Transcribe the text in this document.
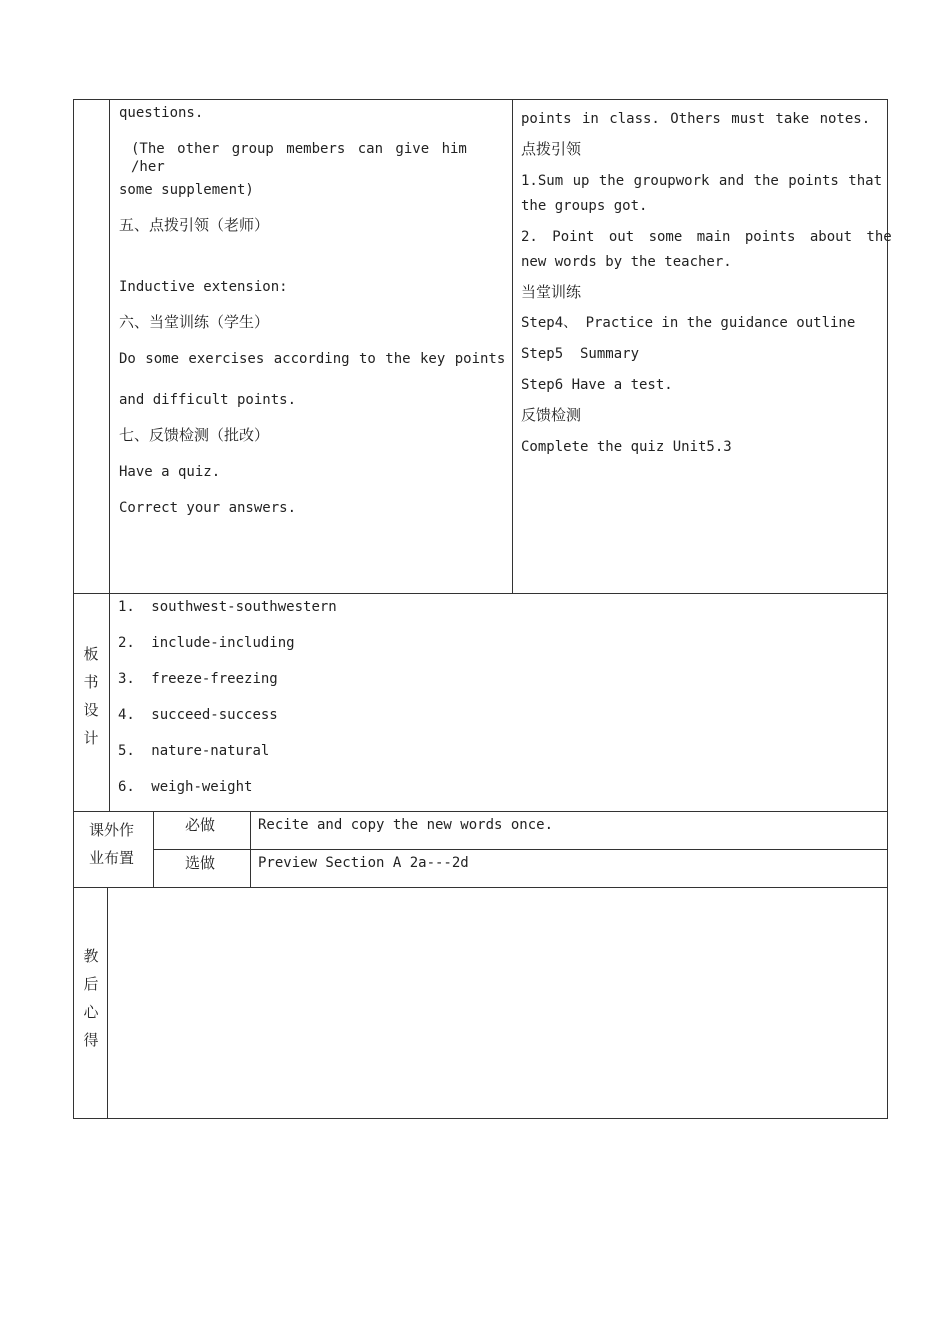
questions.
(The other group members can give him /her
some supplement)
五、点拨引领（老师）
Inductive extension:
六、当堂训练（学生）
Do some exercises according to the key points
and difficult points.
七、反馈检测（批改）
Have a quiz.
Correct your answers.
points in class. Others must take notes.
点拨引领
1.Sum up the groupwork and the points that
the groups got.
2. Point out some main points about the
new words by the teacher.
当堂训练
Step4、 Practice in the guidance outline
Step5  Summary
Step6 Have a test.
反馈检测
Complete the quiz Unit5.3
板
书
设
计
1. southwest-southwestern
2. include-including
3. freeze-freezing
4. succeed-success
5. nature-natural
6. weigh-weight
课外作
业布置
必做	Recite and copy the new words once.
选做	Preview Section A 2a---2d
教
后
心
得
